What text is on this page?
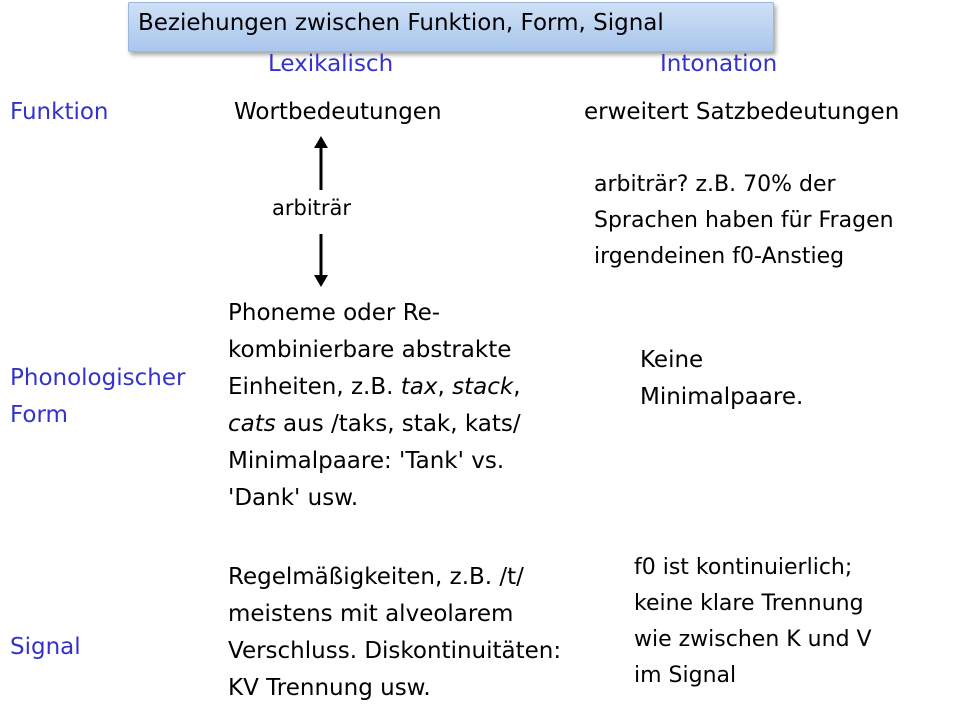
Beziehungen zwischen Funktion, Form, Signal
Lexikalisch	Intonation
Funktion
Phonologischer
Form
Signal
Wortbedeutungen	erweitert Satzbedeutungen
arbiträr
arbiträr? z.B. 70% der
Sprachen haben für Fragen
irgendeinen f0-Anstieg
Phoneme oder Re-
kombinierbare abstrakte
Einheiten, z.B. tax, stack,
cats aus /taks, stak, kats/
Minimalpaare: 'Tank' vs.
'Dank' usw.
Keine
Minimalpaare.
Regelmäßigkeiten, z.B. /t/
meistens mit alveolarem
Verschluss. Diskontinuitäten:
KV Trennung usw.
f0 ist kontinuierlich;
keine klare Trennung
wie zwischen K und V
im Signal
